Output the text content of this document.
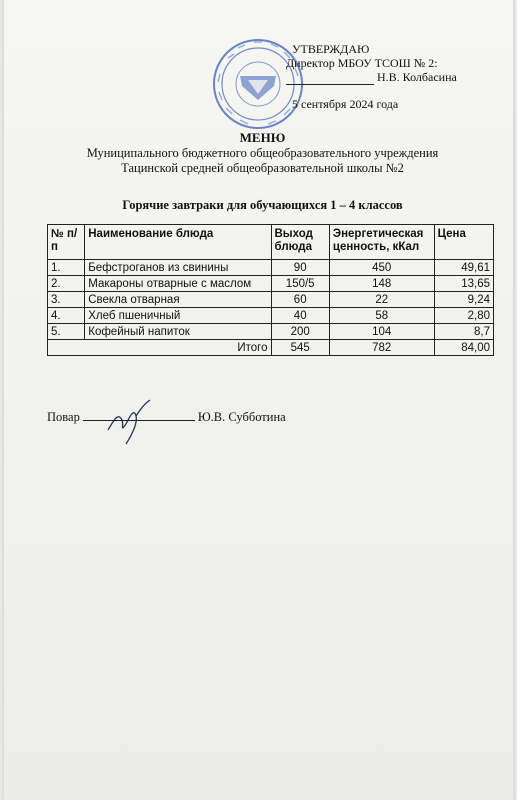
УТВЕРЖДАЮ
Директор МБОУ ТСОШ № 2:
Н.В. Колбасина
5 сентября 2024 года
МЕНЮ
Муниципального бюджетного общеобразовательного учреждения
Тацинской средней общеобразовательной школы №2
Горячие завтраки для обучающихся 1 – 4 классов
№ п/п	Наименование блюда	Выход блюда	Энергетическая ценность, кКал	Цена
1.	Бефстроганов из свинины	90	450	49,61
2.	Макароны отварные с маслом	150/5	148	13,65
3.	Свекла отварная	60	22	9,24
4.	Хлеб пшеничный	40	58	2,80
5.	Кофейный напиток	200	104	8,7
Итого		545	782	84,00
Повар	Ю.В. Субботина
